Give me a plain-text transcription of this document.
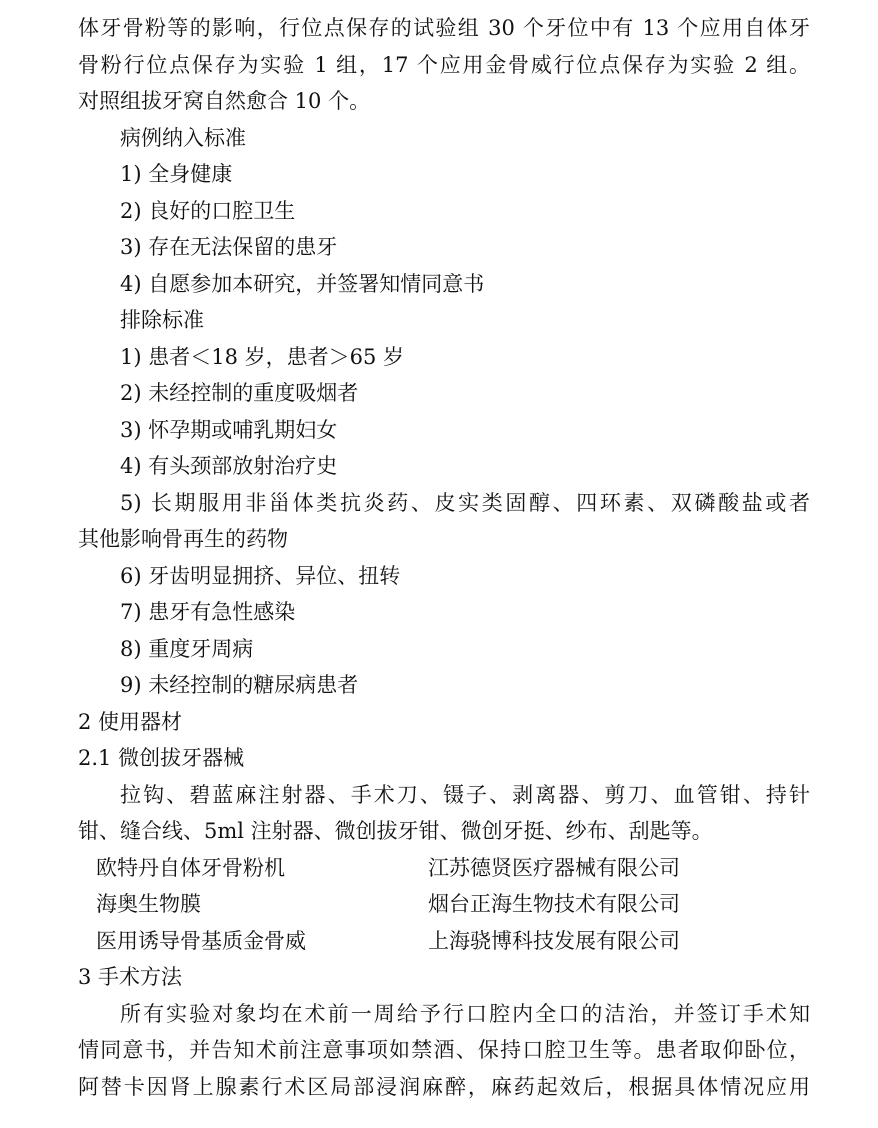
体牙骨粉等的影响，行位点保存的试验组 30 个牙位中有 13 个应用自体牙
骨粉行位点保存为实验 1 组，17 个应用金骨威行位点保存为实验 2 组。
对照组拔牙窝自然愈合 10 个。
病例纳入标准
1) 全身健康
2) 良好的口腔卫生
3) 存在无法保留的患牙
4) 自愿参加本研究，并签署知情同意书
排除标准
1) 患者＜18 岁，患者＞65 岁
2) 未经控制的重度吸烟者
3) 怀孕期或哺乳期妇女
4) 有头颈部放射治疗史
5) 长期服用非甾体类抗炎药、皮实类固醇、四环素、双磷酸盐或者
其他影响骨再生的药物
6) 牙齿明显拥挤、异位、扭转
7) 患牙有急性感染
8) 重度牙周病
9) 未经控制的糖尿病患者
2 使用器材
2.1 微创拔牙器械
拉钩、碧蓝麻注射器、手术刀、镊子、剥离器、剪刀、血管钳、持针
钳、缝合线、5ml 注射器、微创拔牙钳、微创牙挺、纱布、刮匙等。
欧特丹自体牙骨粉机	江苏德贤医疗器械有限公司
海奥生物膜	烟台正海生物技术有限公司
医用诱导骨基质金骨威	上海骁博科技发展有限公司
3 手术方法
所有实验对象均在术前一周给予行口腔内全口的洁治，并签订手术知
情同意书，并告知术前注意事项如禁酒、保持口腔卫生等。患者取仰卧位，
阿替卡因肾上腺素行术区局部浸润麻醉，麻药起效后，根据具体情况应用
